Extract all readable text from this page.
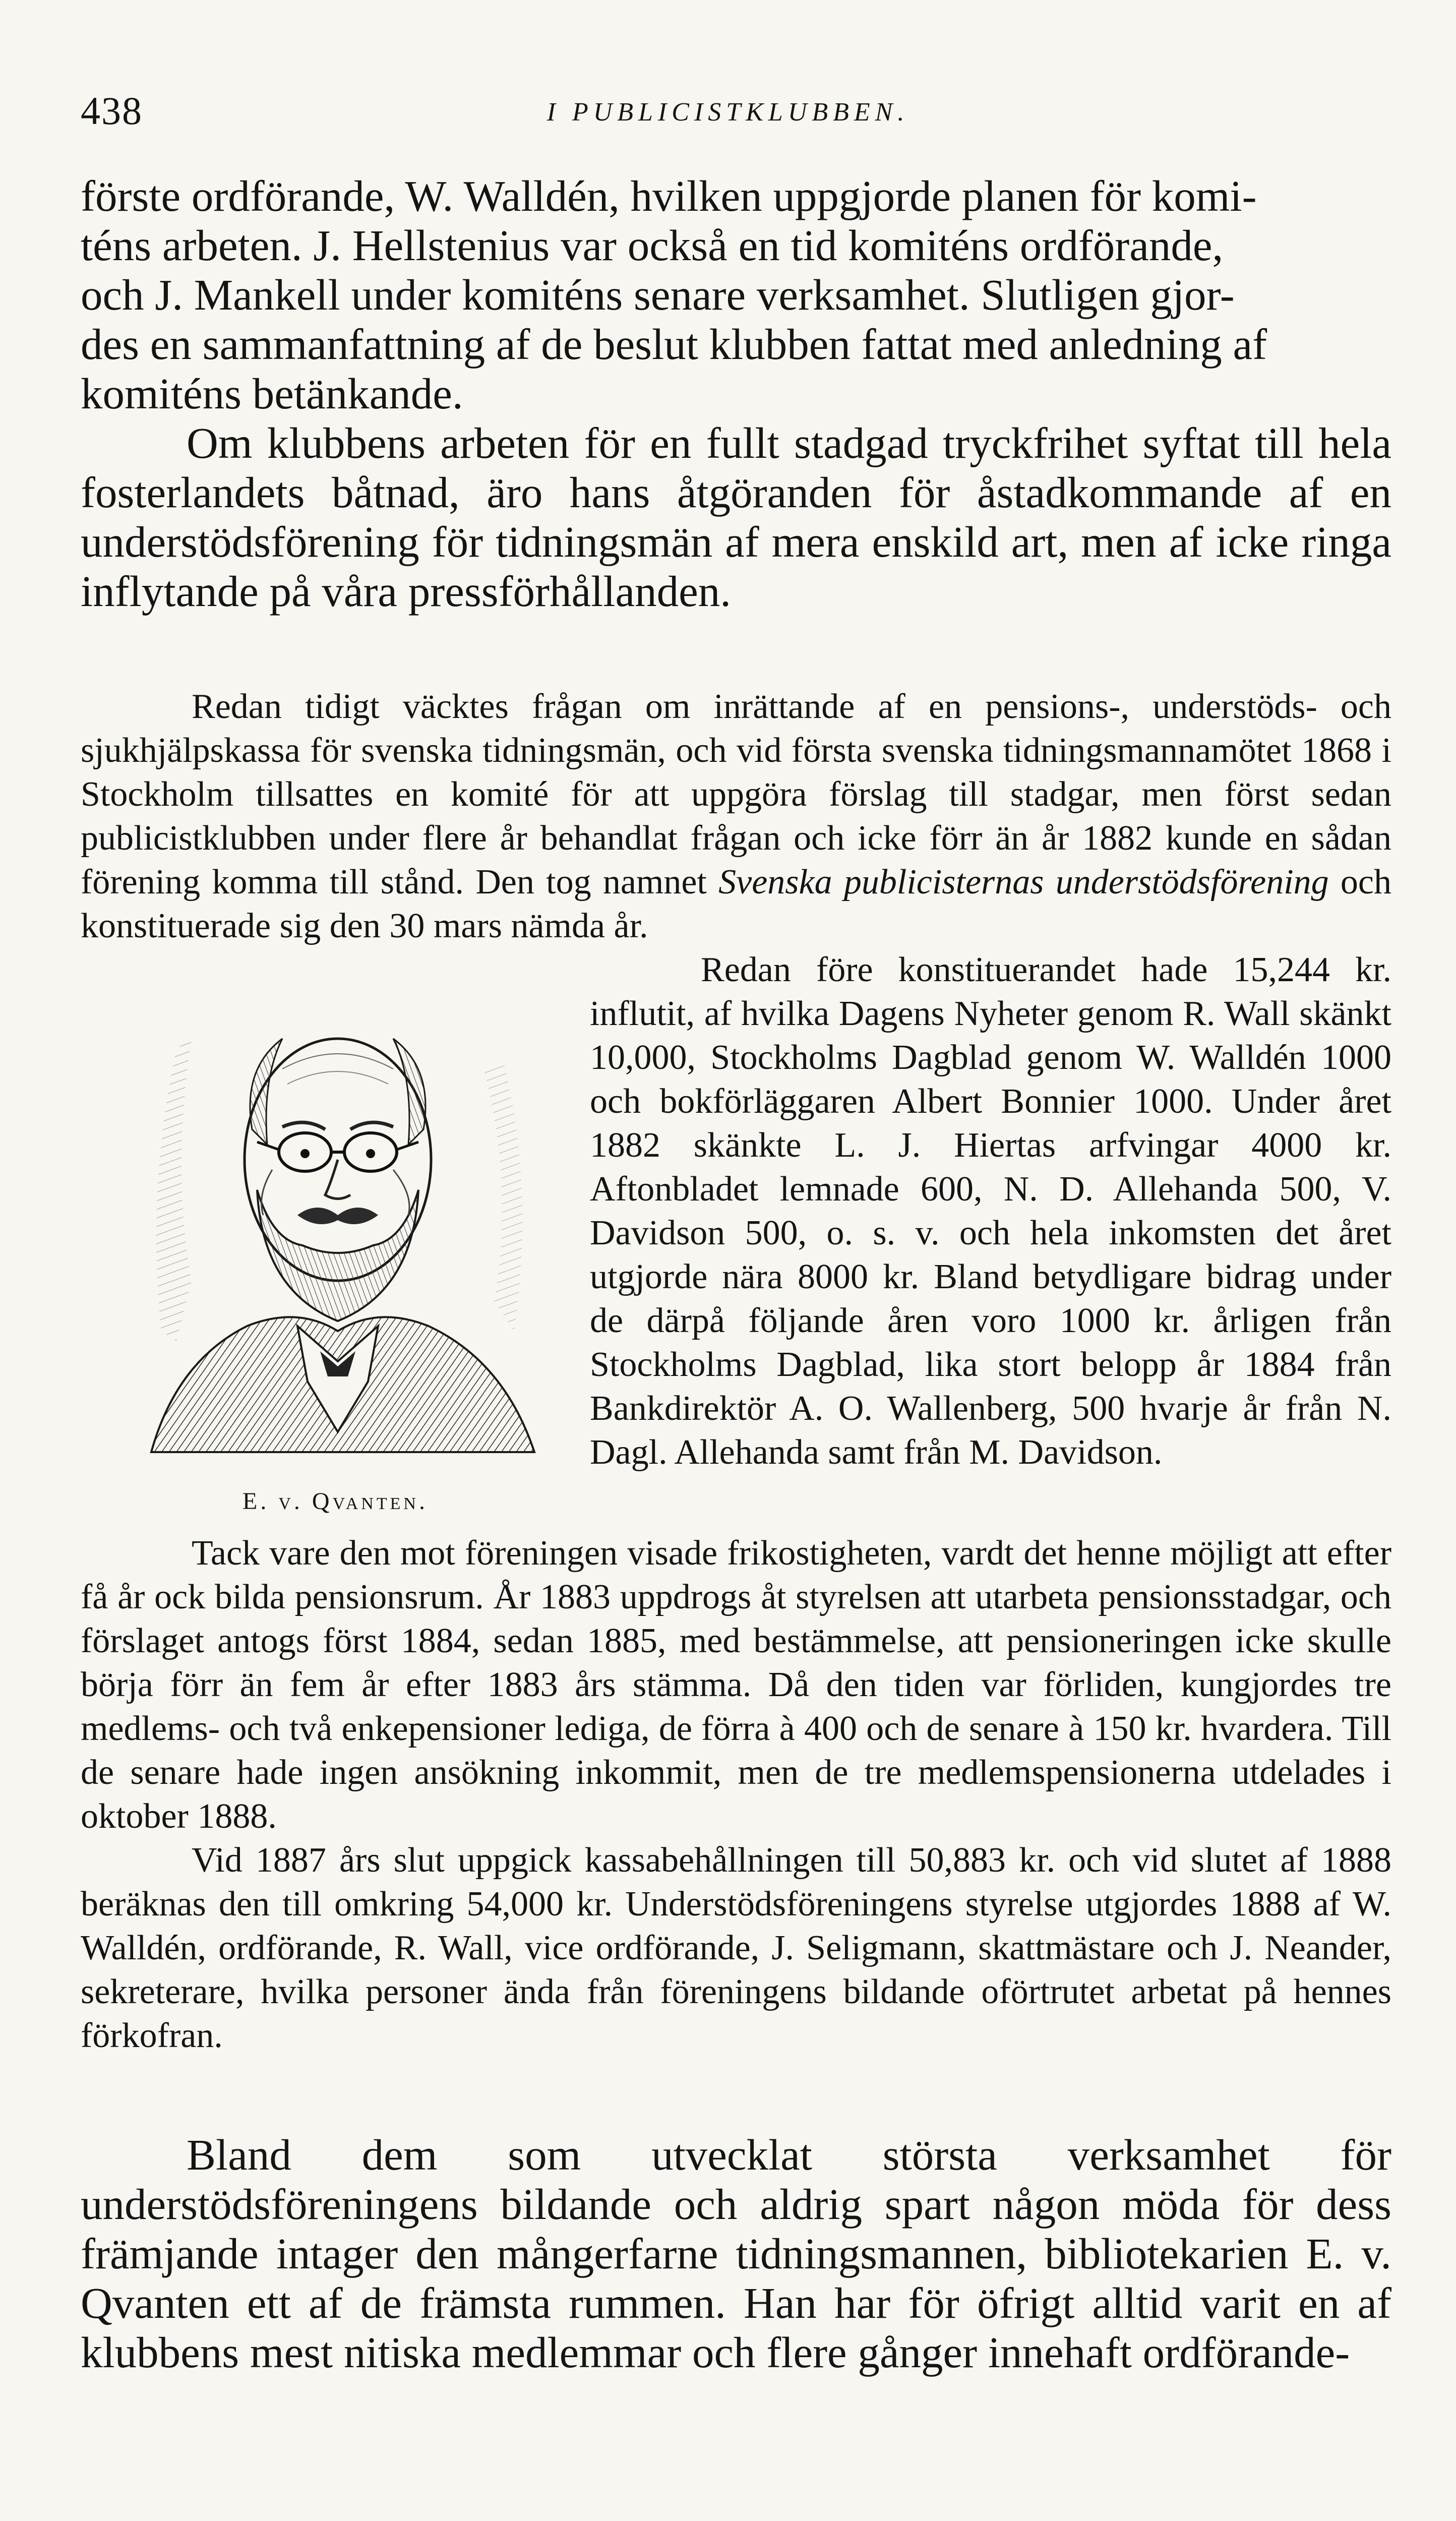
438	I PUBLICISTKLUBBEN.

förste ordförande, W. Walldén, hvilken uppgjorde planen för komi-

téns arbeten. J. Hellstenius var också en tid komiténs ordförande,

och J. Mankell under komiténs senare verksamhet. Slutligen gjor-

des en sammanfattning af de beslut klubben fattat med anledning af

komiténs betänkande.

Om klubbens arbeten för en fullt stadgad tryckfrihet syftat till hela fosterlandets båtnad, äro hans åtgöranden för åstadkommande af en understödsförening för tidningsmän af mera enskild art, men af icke ringa inflytande på våra pressförhållanden.

Redan tidigt väcktes frågan om inrättande af en pensions-, understöds- och sjukhjälpskassa för svenska tidningsmän, och vid första svenska tidningsmannamötet 1868 i Stockholm tillsattes en komité för att uppgöra förslag till stadgar, men först sedan publicistklubben under flere år behandlat frågan och icke förr än år 1882 kunde en sådan förening komma till stånd. Den tog namnet Svenska publicisternas understödsförening och konstituerade sig den 30 mars nämda år.

E. v. Qvanten.

Redan före konstituerandet hade 15,244 kr. influtit, af hvilka Dagens Nyheter genom R. Wall skänkt 10,000, Stockholms Dagblad genom W. Walldén 1000 och bokförläggaren Albert Bonnier 1000. Under året 1882 skänkte L. J. Hiertas arfvingar 4000 kr. Aftonbladet lemnade 600, N. D. Allehanda 500, V. Davidson 500, o. s. v. och hela inkomsten det året utgjorde nära 8000 kr. Bland betydligare bidrag under de därpå följande åren voro 1000 kr. årligen från Stockholms Dagblad, lika stort belopp år 1884 från Bankdirektör A. O. Wallenberg, 500 hvarje år från N. Dagl. Allehanda samt från M. Davidson.

Tack vare den mot föreningen visade frikostigheten, vardt det henne möjligt att efter få år ock bilda pensionsrum. År 1883 uppdrogs åt styrelsen att utarbeta pensionsstadgar, och förslaget antogs först 1884, sedan 1885, med bestämmelse, att pensioneringen icke skulle börja förr än fem år efter 1883 års stämma. Då den tiden var förliden, kungjordes tre medlems- och två enkepensioner lediga, de förra à 400 och de senare à 150 kr. hvardera. Till de senare hade ingen ansökning inkommit, men de tre medlemspensionerna utdelades i oktober 1888.

Vid 1887 års slut uppgick kassabehållningen till 50,883 kr. och vid slutet af 1888 beräknas den till omkring 54,000 kr. Understödsföreningens styrelse utgjordes 1888 af W. Walldén, ordförande, R. Wall, vice ordförande, J. Seligmann, skattmästare och J. Neander, sekreterare, hvilka personer ända från föreningens bildande oförtrutet arbetat på hennes förkofran.

Bland dem som utvecklat största verksamhet för understödsföreningens bildande och aldrig spart någon möda för dess främjande intager den mångerfarne tidningsmannen, bibliotekarien E. v. Qvanten ett af de främsta rummen. Han har för öfrigt alltid varit en af klubbens mest nitiska medlemmar och flere gånger innehaft ordförande-
